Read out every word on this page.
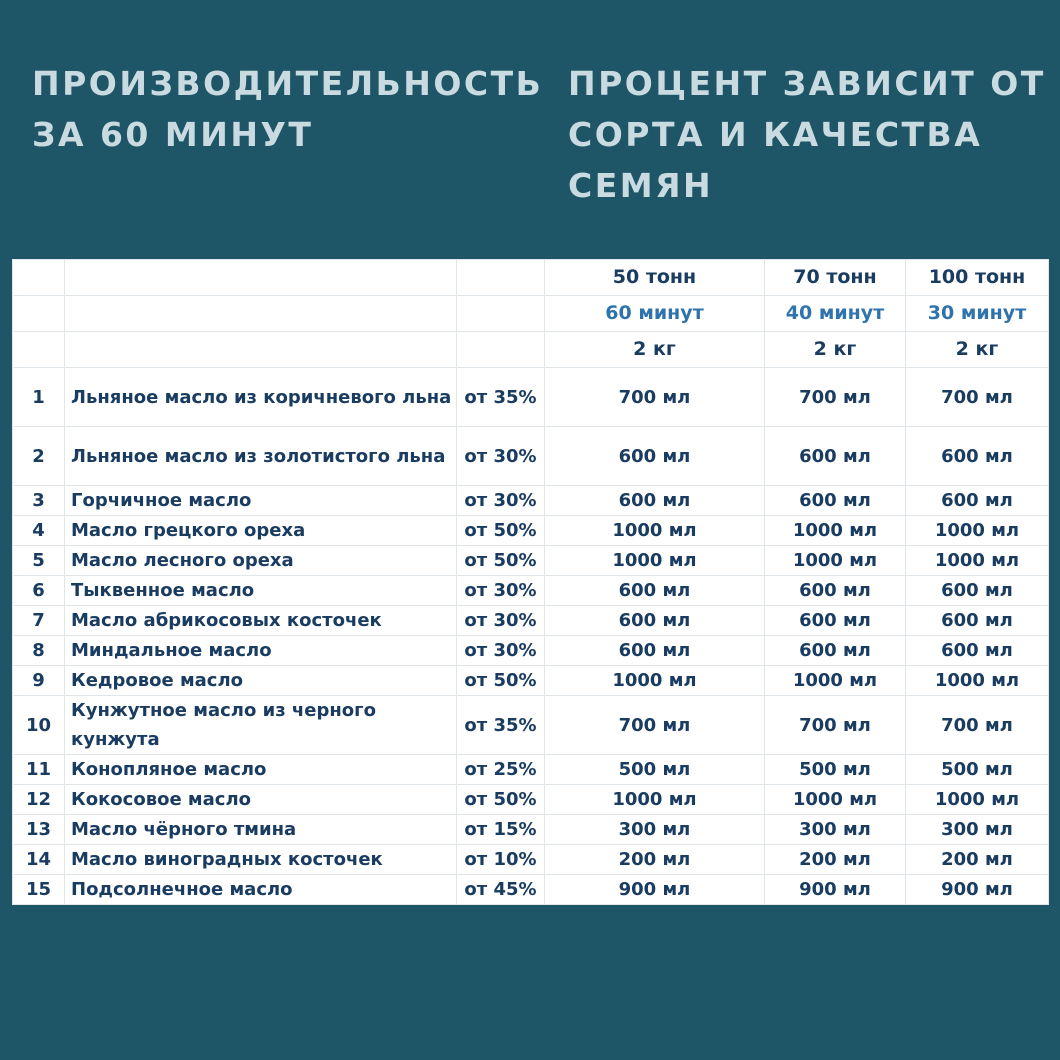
ПРОИЗВОДИТЕЛЬНОСТЬ
ЗА 60 МИНУТ
ПРОЦЕНТ ЗАВИСИТ ОТ
СОРТА И КАЧЕСТВА
СЕМЯН
			50 тонн	70 тонн	100 тонн
			60 минут	40 минут	30 минут
			2 кг	2 кг	2 кг
1	Льняное масло из коричневого льна	от 35%	700 мл	700 мл	700 мл
2	Льняное масло из золотистого льна	от 30%	600 мл	600 мл	600 мл
3	Горчичное масло	от 30%	600 мл	600 мл	600 мл
4	Масло грецкого ореха	от 50%	1000 мл	1000 мл	1000 мл
5	Масло лесного ореха	от 50%	1000 мл	1000 мл	1000 мл
6	Тыквенное масло	от 30%	600 мл	600 мл	600 мл
7	Масло абрикосовых косточек	от 30%	600 мл	600 мл	600 мл
8	Миндальное масло	от 30%	600 мл	600 мл	600 мл
9	Кедровое масло	от 50%	1000 мл	1000 мл	1000 мл
10	Кунжутное масло из черного кунжута	от 35%	700 мл	700 мл	700 мл
11	Конопляное масло	от 25%	500 мл	500 мл	500 мл
12	Кокосовое масло	от 50%	1000 мл	1000 мл	1000 мл
13	Масло чёрного тмина	от 15%	300 мл	300 мл	300 мл
14	Масло виноградных косточек	от 10%	200 мл	200 мл	200 мл
15	Подсолнечное масло	от 45%	900 мл	900 мл	900 мл
